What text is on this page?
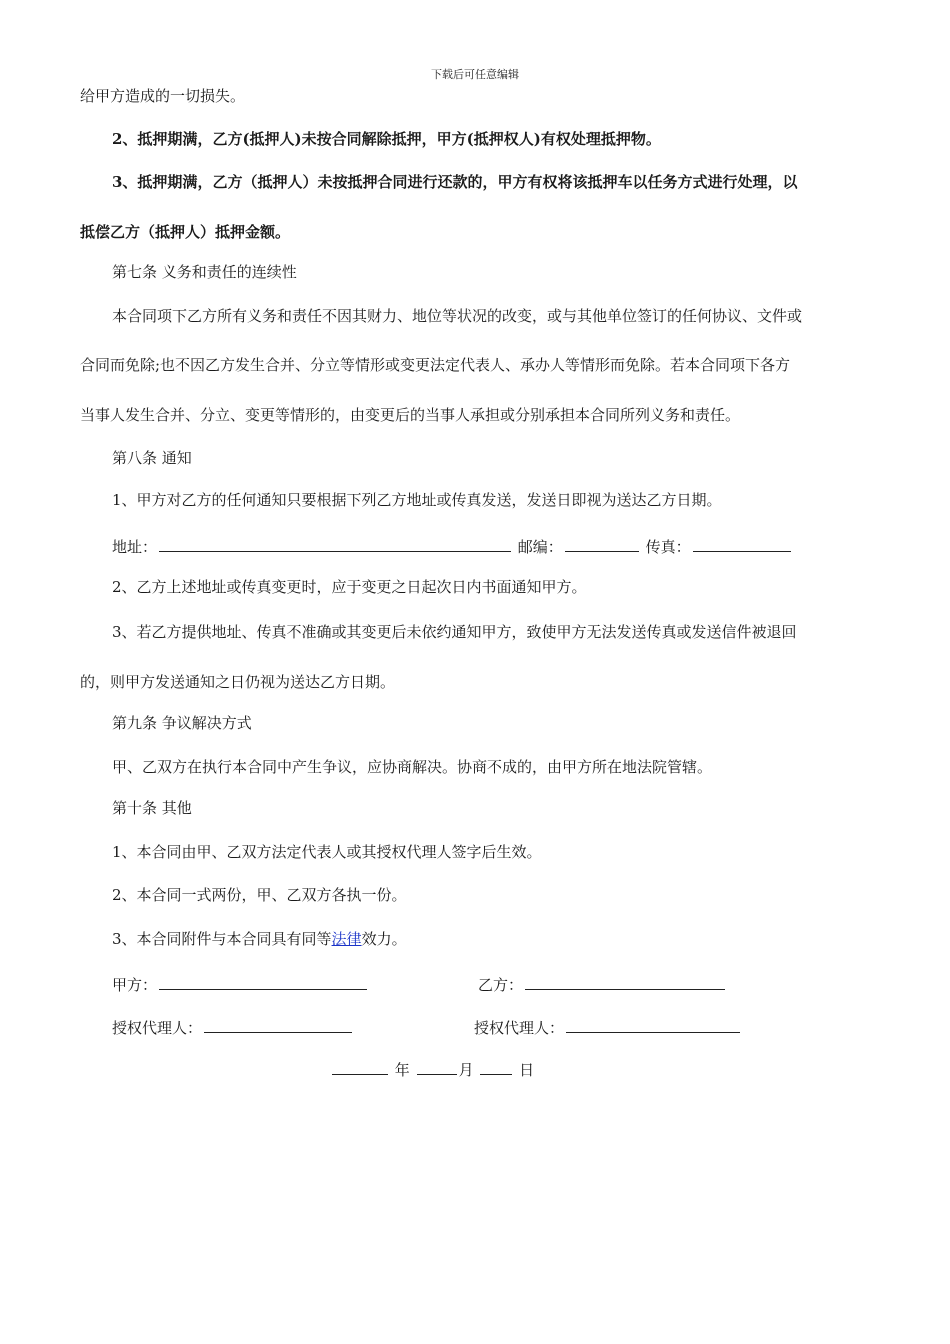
下载后可任意编辑
给甲方造成的一切损失。
2、抵押期满，乙方(抵押人)未按合同解除抵押，甲方(抵押权人)有权处理抵押物。
3、抵押期满，乙方（抵押人）未按抵押合同进行还款的，甲方有权将该抵押车以任务方式进行处理，以
抵偿乙方（抵押人）抵押金额。
第七条 义务和责任的连续性
本合同项下乙方所有义务和责任不因其财力、地位等状况的改变，或与其他单位签订的任何协议、文件或
合同而免除;也不因乙方发生合并、分立等情形或变更法定代表人、承办人等情形而免除。若本合同项下各方
当事人发生合并、分立、变更等情形的，由变更后的当事人承担或分别承担本合同所列义务和责任。
第八条 通知
1、甲方对乙方的任何通知只要根据下列乙方地址或传真发送，发送日即视为送达乙方日期。
地址：	邮编：	传真：
2、乙方上述地址或传真变更时，应于变更之日起次日内书面通知甲方。
3、若乙方提供地址、传真不准确或其变更后未依约通知甲方，致使甲方无法发送传真或发送信件被退回
的，则甲方发送通知之日仍视为送达乙方日期。
第九条 争议解决方式
甲、乙双方在执行本合同中产生争议，应协商解决。协商不成的，由甲方所在地法院管辖。
第十条 其他
1、本合同由甲、乙双方法定代表人或其授权代理人签字后生效。
2、本合同一式两份，甲、乙双方各执一份。
3、本合同附件与本合同具有同等法律效力。
甲方：	乙方：
授权代理人：	授权代理人：
年	月	日
